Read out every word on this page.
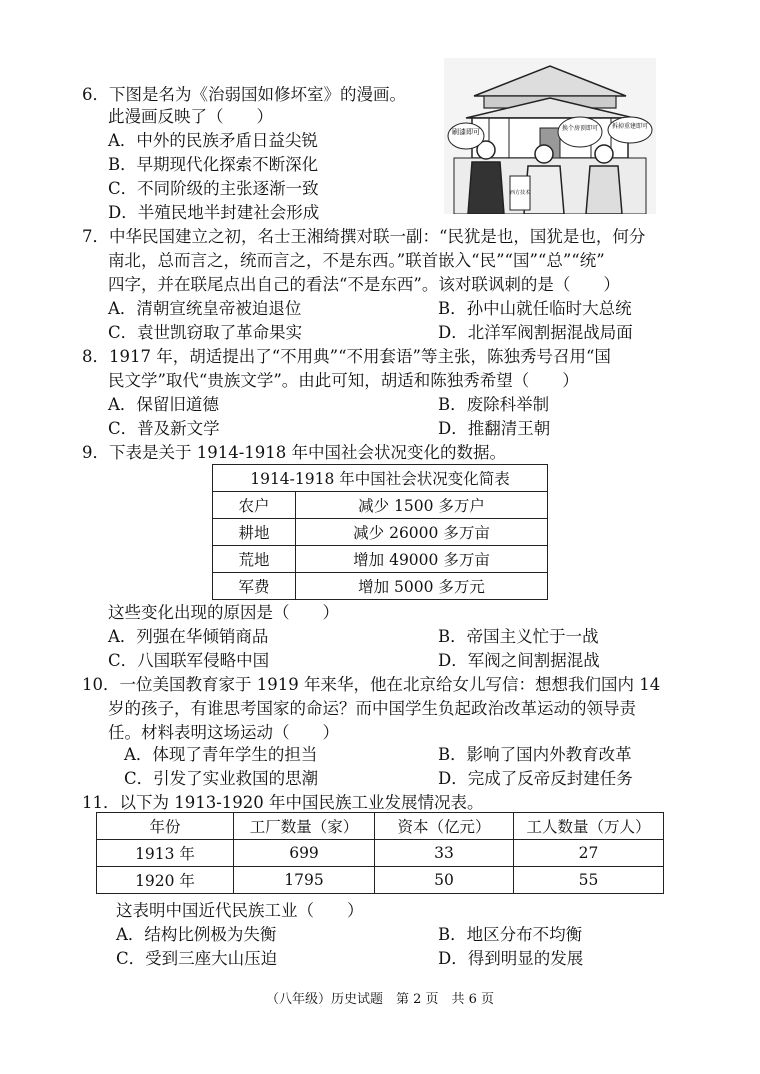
6．下图是名为《治弱国如修坏室》的漫画。
此漫画反映了（　　）
A．中外的民族矛盾日益尖锐
B．早期现代化探索不断深化
C．不同阶级的主张逐渐一致
D．半殖民地半封建社会形成
刷漆即可	换个房顶即可 拆掉重建即可
西方技术
7．中华民国建立之初，名士王湘绮撰对联一副：“民犹是也，国犹是也，何分
南北，总而言之，统而言之，不是东西。”联首嵌入“民”“国”“总”“统”
四字，并在联尾点出自己的看法“不是东西”。该对联讽刺的是（　　）
A．清朝宣统皇帝被迫退位	B．孙中山就任临时大总统
C．袁世凯窃取了革命果实	D．北洋军阀割据混战局面
8．1917 年，胡适提出了“不用典”“不用套语”等主张，陈独秀号召用“国
民文学”取代“贵族文学”。由此可知，胡适和陈独秀希望（　　）
A．保留旧道德	B．废除科举制
C．普及新文学	D．推翻清王朝
9．下表是关于 1914-1918 年中国社会状况变化的数据。
1914-1918 年中国社会状况变化简表	
农户	减少 1500 多万户
耕地	减少 26000 多万亩
荒地	增加 49000 多万亩
军费	增加 5000 多万元
这些变化出现的原因是（　　）
A．列强在华倾销商品	B．帝国主义忙于一战
C．八国联军侵略中国	D．军阀之间割据混战
10．一位美国教育家于 1919 年来华，他在北京给女儿写信：想想我们国内 14
岁的孩子，有谁思考国家的命运？而中国学生负起政治改革运动的领导责
任。材料表明这场运动（　　）
A．体现了青年学生的担当	B．影响了国内外教育改革
C．引发了实业救国的思潮	D．完成了反帝反封建任务
11．以下为 1913-1920 年中国民族工业发展情况表。
年份	工厂数量（家）	资本（亿元）	工人数量（万人）
1913 年	699	33	27
1920 年	1795	50	55
这表明中国近代民族工业（　　）
A．结构比例极为失衡	B．地区分布不均衡
C．受到三座大山压迫	D．得到明显的发展
（八年级）历史试题　第 2 页　共 6 页
